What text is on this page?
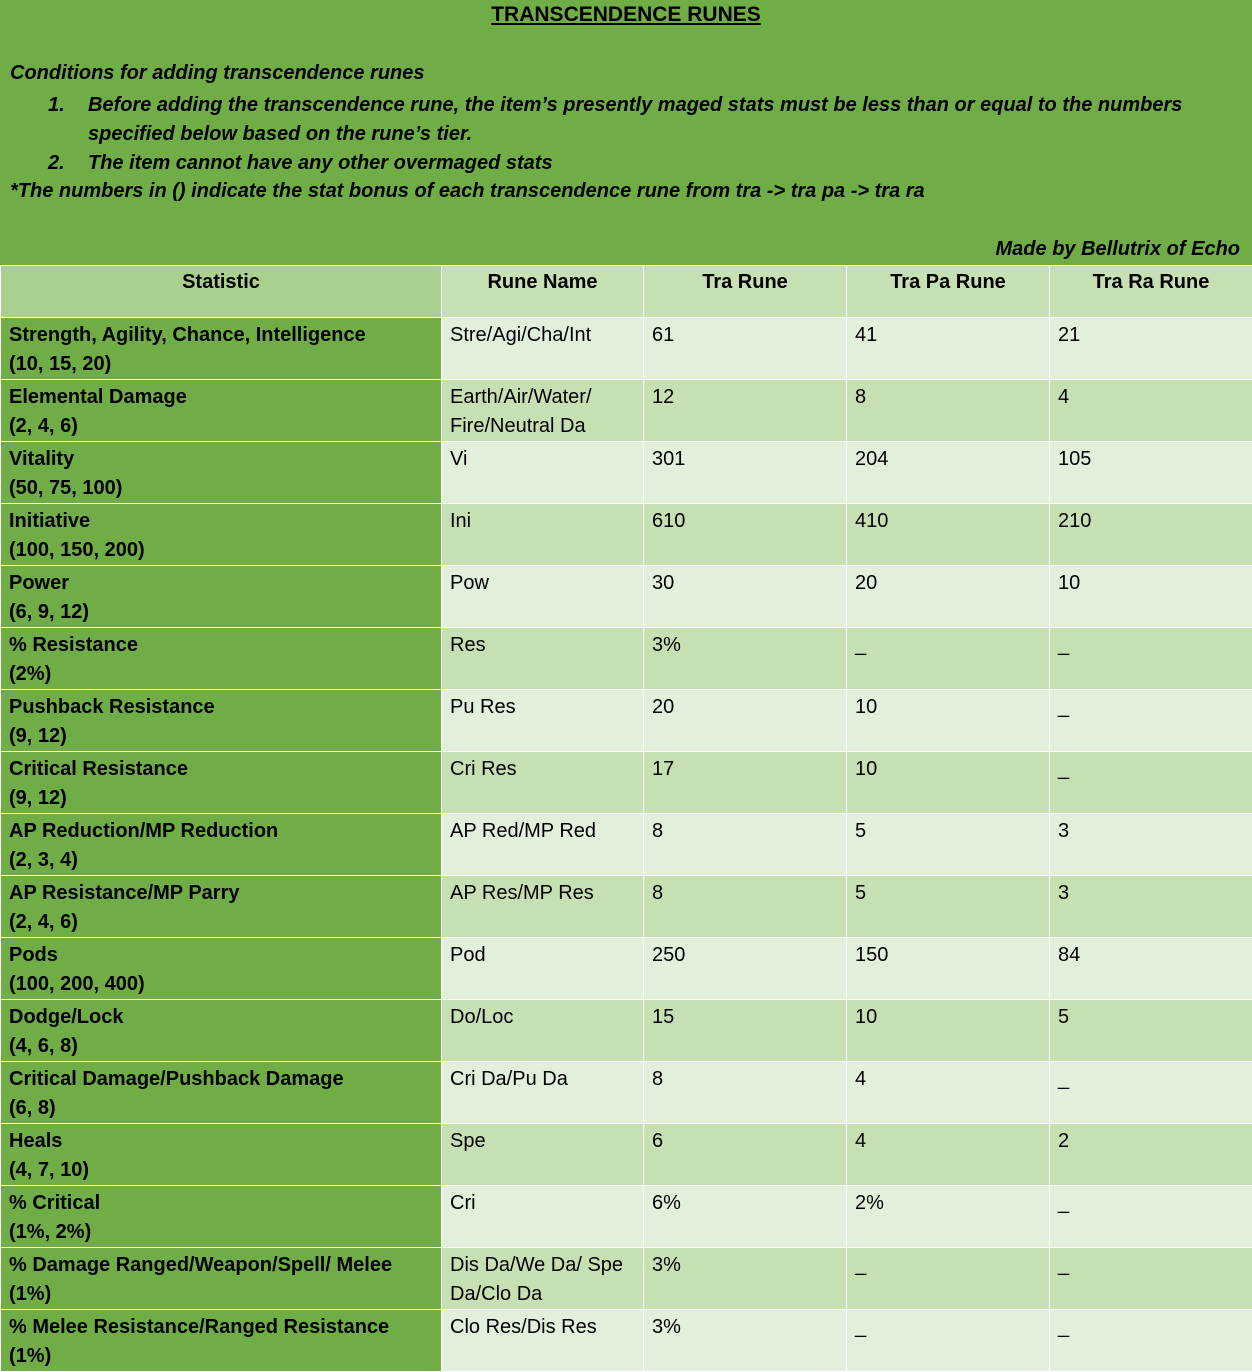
TRANSCENDENCE RUNES
Conditions for adding transcendence runes
1. Before adding the transcendence rune, the item’s presently maged stats must be less than or equal to the numbers specified below based on the rune’s tier.
2. The item cannot have any other overmaged stats
*The numbers in () indicate the stat bonus of each transcendence rune from tra -> tra pa -> tra ra
Made by Bellutrix of Echo
Statistic	Rune Name	Tra Rune	Tra Pa Rune	Tra Ra Rune

Strength, Agility, Chance, Intelligence
(10, 15, 20)	Stre/Agi/Cha/Int	61	41	21

Elemental Damage
(2, 4, 6)	Earth/Air/Water/ Fire/Neutral Da	12	8	4

Vitality
(50, 75, 100)	Vi	301	204	105

Initiative
(100, 150, 200)	Ini	610	410	210

Power
(6, 9, 12)	Pow	30	20	10

% Resistance
(2%)	Res	3%	_	_

Pushback Resistance
(9, 12)	Pu Res	20	10	_

Critical Resistance
(9, 12)	Cri Res	17	10	_

AP Reduction/MP Reduction
(2, 3, 4)	AP Red/MP Red	8	5	3

AP Resistance/MP Parry
(2, 4, 6)	AP Res/MP Res	8	5	3

Pods
(100, 200, 400)	Pod	250	150	84

Dodge/Lock
(4, 6, 8)	Do/Loc	15	10	5

Critical Damage/Pushback Damage
(6, 8)	Cri Da/Pu Da	8	4	_

Heals
(4, 7, 10)	Spe	6	4	2

% Critical
(1%, 2%)	Cri	6%	2%	_

% Damage Ranged/Weapon/Spell/ Melee
(1%)	Dis Da/We Da/ Spe Da/Clo Da	3%	_	_

% Melee Resistance/Ranged Resistance
(1%)	Clo Res/Dis Res	3%	_	_
